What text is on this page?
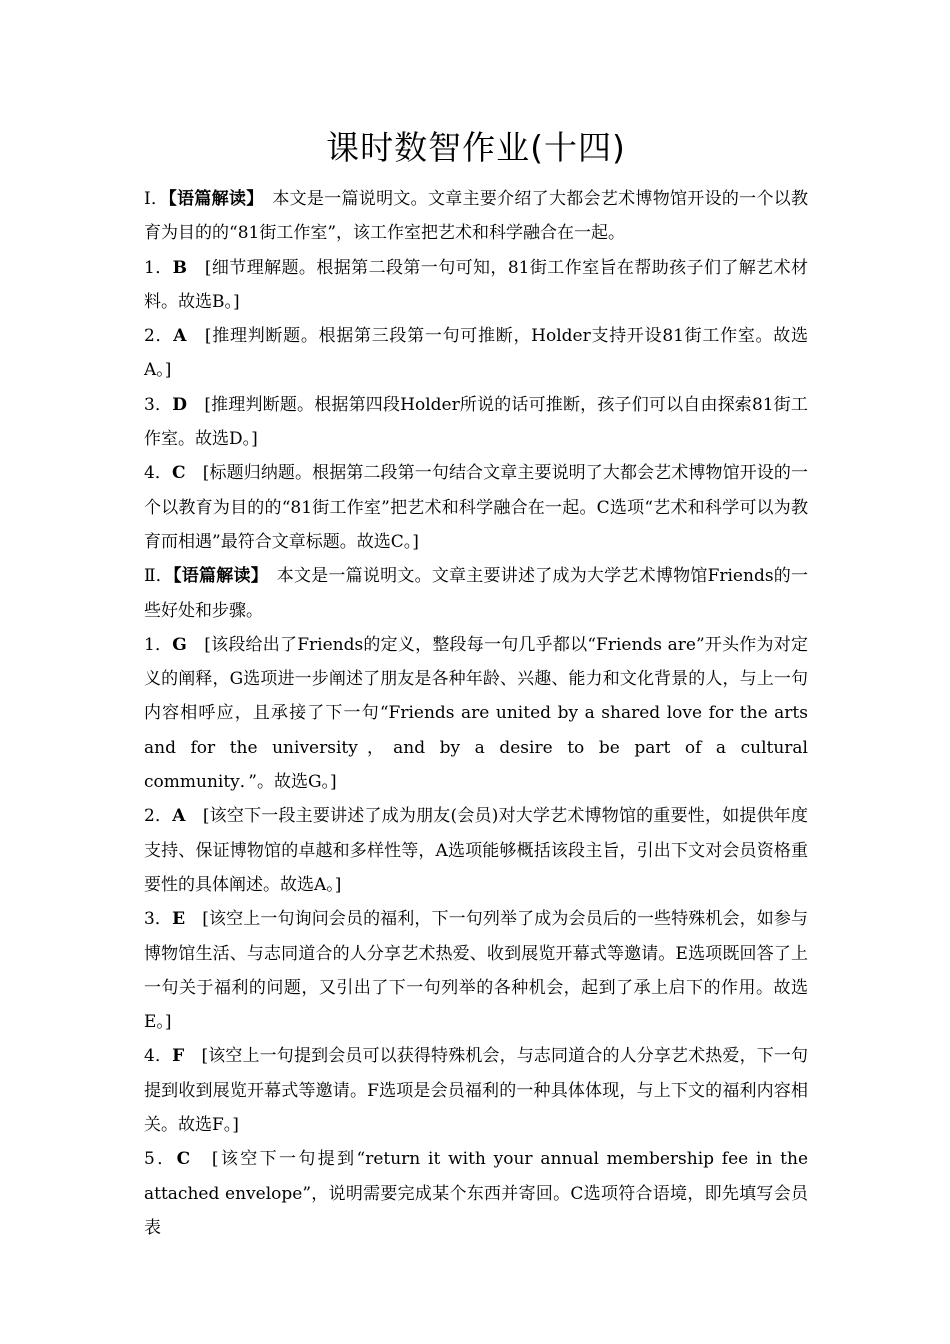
课时数智作业(十四)

Ⅰ．【语篇解读】　 本文是一篇说明文。文章主要介绍了大都会艺术博物馆开设的一个以教育为目的的“81街工作室”，该工作室把艺术和科学融合在一起。

1．B　 [细节理解题。根据第二段第一句可知，81街工作室旨在帮助孩子们了解艺术材料。故选B。]

2．A　 [推理判断题。根据第三段第一句可推断，Holder支持开设81街工作室。故选A。]

3．D　 [推理判断题。根据第四段Holder所说的话可推断，孩子们可以自由探索81街工作室。故选D。]

4．C　 [标题归纳题。根据第二段第一句结合文章主要说明了大都会艺术博物馆开设的一个以教育为目的的“81街工作室”把艺术和科学融合在一起。C选项“艺术和科学可以为教育而相遇”最符合文章标题。故选C。]

Ⅱ．【语篇解读】　 本文是一篇说明文。文章主要讲述了成为大学艺术博物馆Friends的一些好处和步骤。

1．G　 [该段给出了Friends的定义，整段每一句几乎都以“Friends are”开头作为对定义的阐释，G选项进一步阐述了朋友是各种年龄、兴趣、能力和文化背景的人，与上一句内容相呼应，且承接了下一句“Friends are united by a shared love for the arts and for the university，and by a desire to be part of a cultural community．”。故选G。]

2．A　 [该空下一段主要讲述了成为朋友(会员)对大学艺术博物馆的重要性，如提供年度支持、保证博物馆的卓越和多样性等，A选项能够概括该段主旨，引出下文对会员资格重要性的具体阐述。故选A。]

3．E　 [该空上一句询问会员的福利，下一句列举了成为会员后的一些特殊机会，如参与博物馆生活、与志同道合的人分享艺术热爱、收到展览开幕式等邀请。E选项既回答了上一句关于福利的问题，又引出了下一句列举的各种机会，起到了承上启下的作用。故选E。]

4．F　 [该空上一句提到会员可以获得特殊机会，与志同道合的人分享艺术热爱，下一句提到收到展览开幕式等邀请。F选项是会员福利的一种具体体现，与上下文的福利内容相关。故选F。]

5．C　 [该空下一句提到“return it with your annual membership fee in the attached envelope”，说明需要完成某个东西并寄回。C选项符合语境，即先填写会员表
